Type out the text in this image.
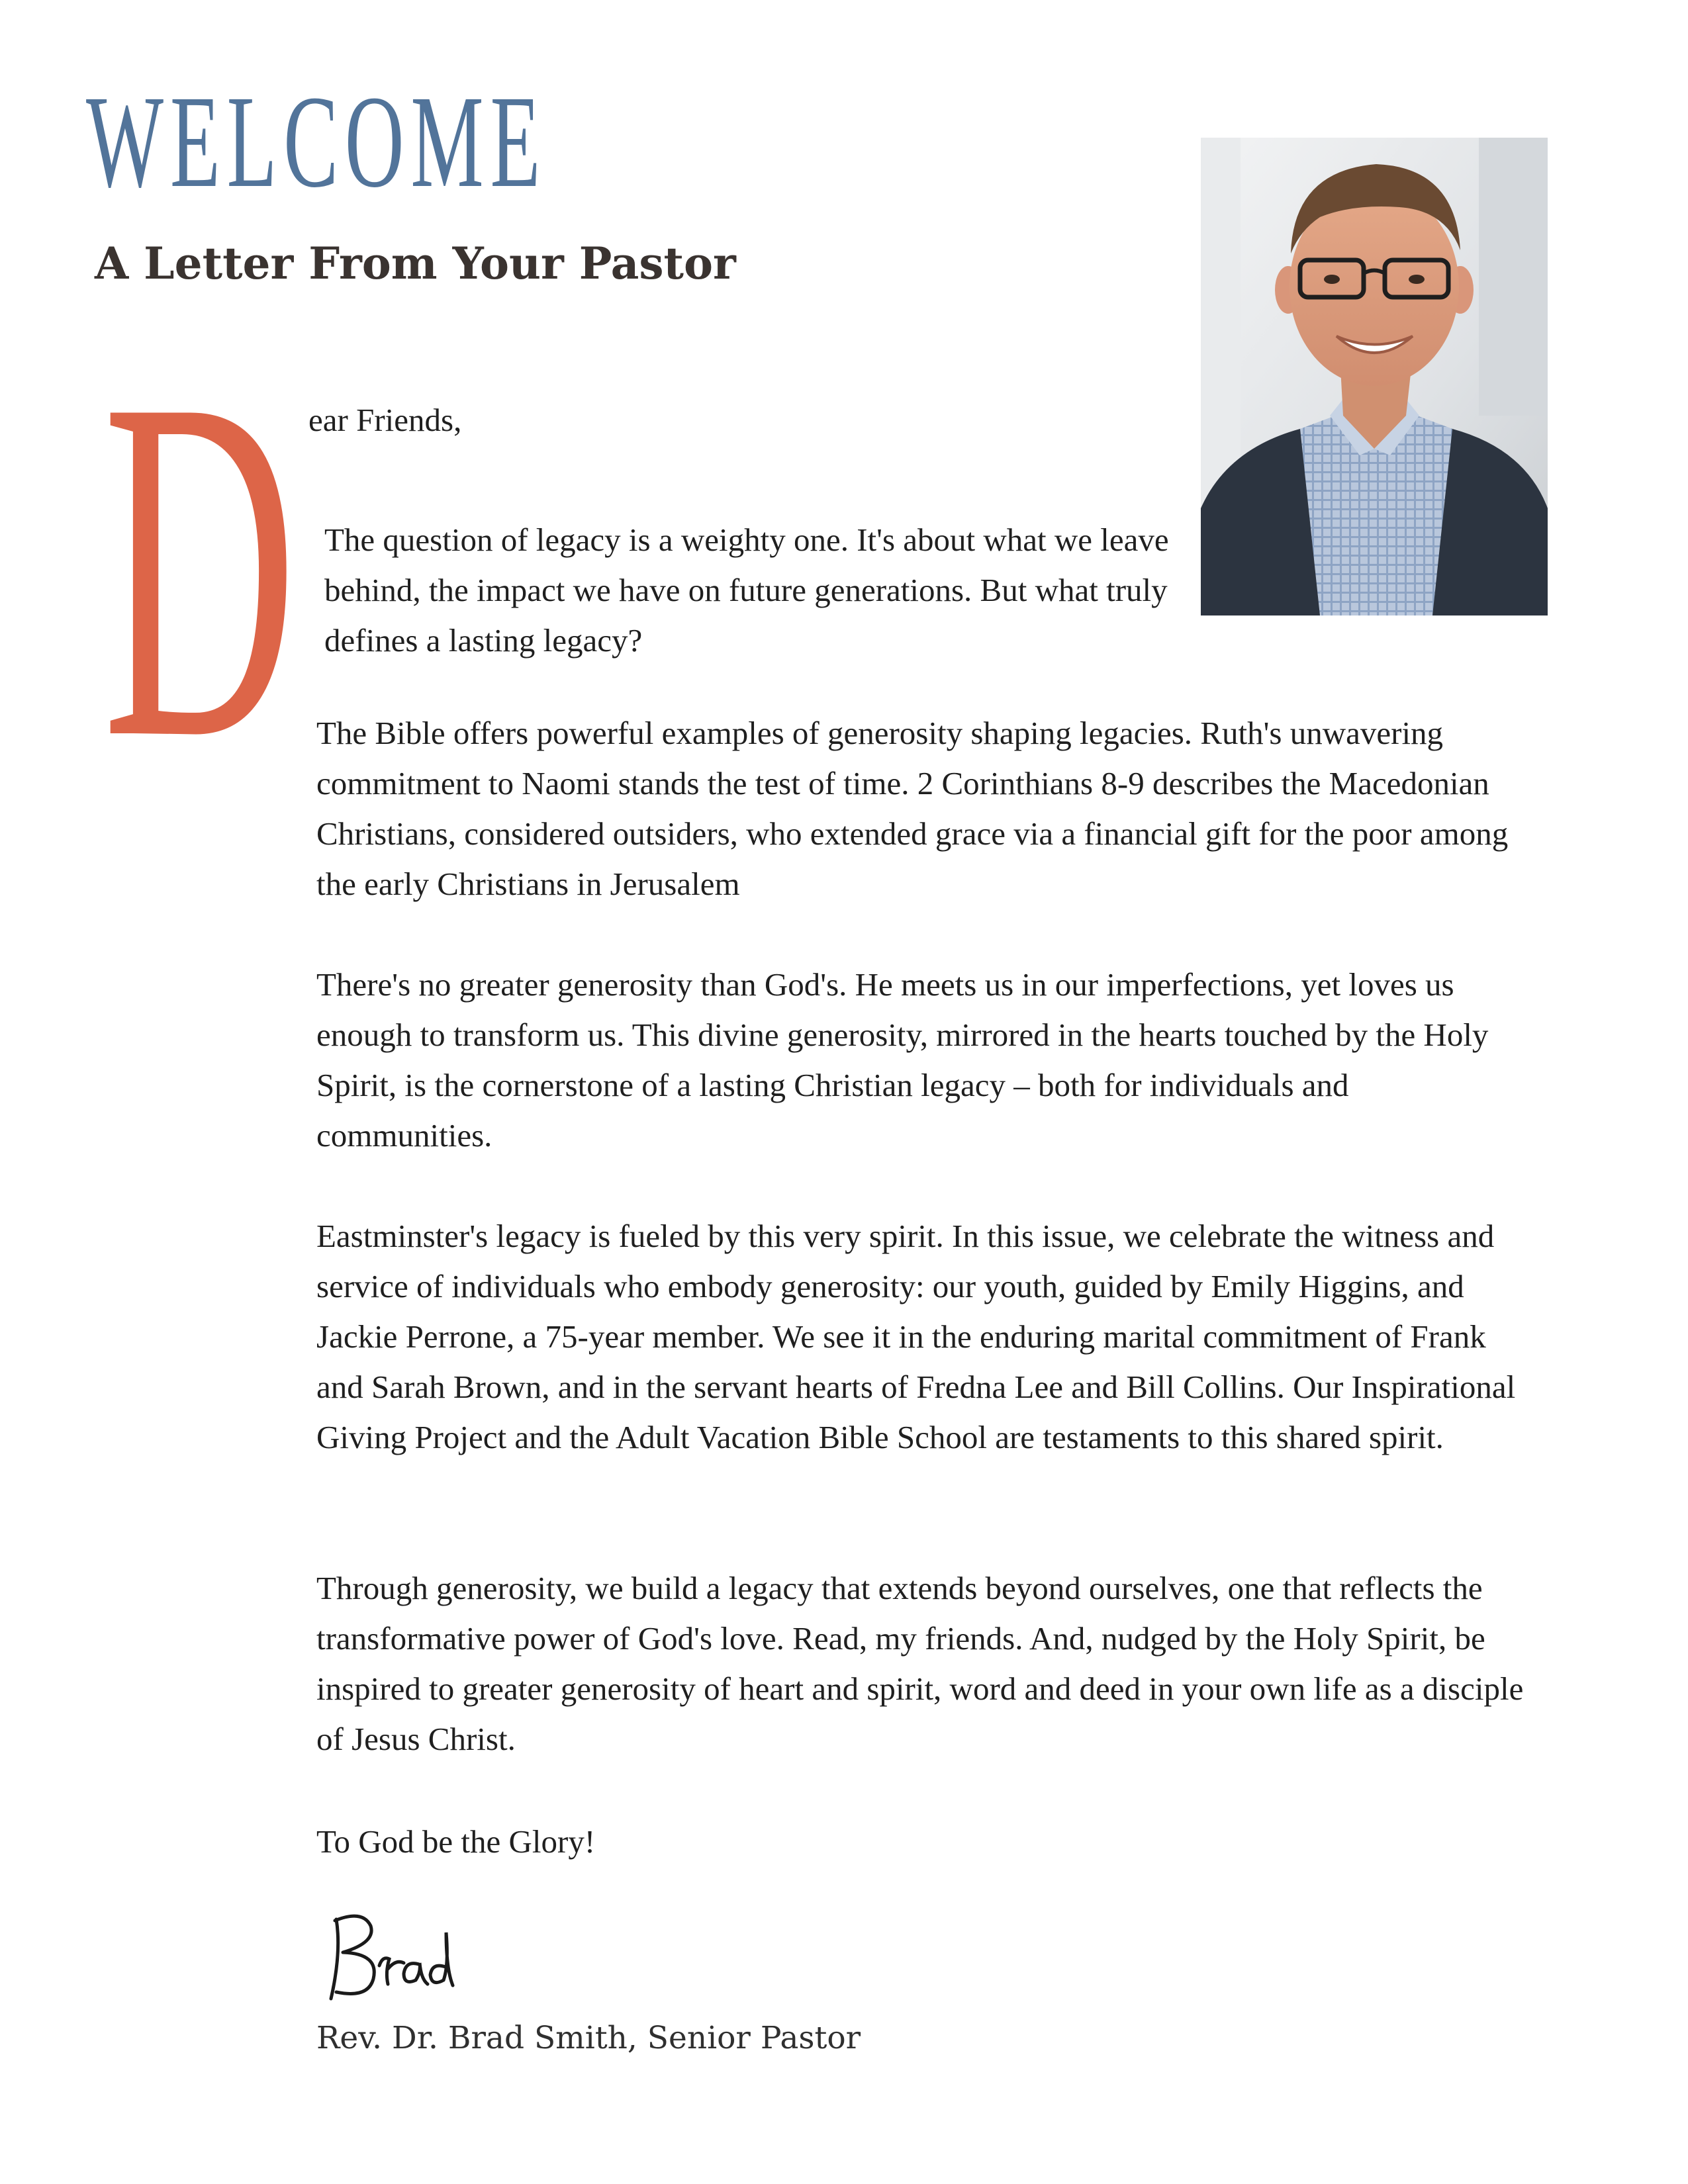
WELCOME
A Letter From Your Pastor
D ear Friends,
The question of legacy is a weighty one. It's about what we leave behind, the impact we have on future generations. But what truly defines a lasting legacy?

The Bible offers powerful examples of generosity shaping legacies. Ruth's unwavering commitment to Naomi stands the test of time. 2 Corinthians 8-9 describes the Macedonian Christians, considered outsiders, who extended grace via a financial gift for the poor among the early Christians in Jerusalem

There's no greater generosity than God's. He meets us in our imperfections, yet loves us enough to transform us. This divine generosity, mirrored in the hearts touched by the Holy Spirit, is the cornerstone of a lasting Christian legacy – both for individuals and communities.

Eastminster's legacy is fueled by this very spirit. In this issue, we celebrate the witness and service of individuals who embody generosity: our youth, guided by Emily Higgins, and Jackie Perrone, a 75-year member. We see it in the enduring marital commitment of Frank and Sarah Brown, and in the servant hearts of Fredna Lee and Bill Collins. Our Inspirational Giving Project and the Adult Vacation Bible School are testaments to this shared spirit.

Through generosity, we build a legacy that extends beyond ourselves, one that reflects the transformative power of God's love. Read, my friends. And, nudged by the Holy Spirit, be inspired to greater generosity of heart and spirit, word and deed in your own life as a disciple of Jesus Christ.

To God be the Glory!
Rev. Dr. Brad Smith, Senior Pastor
